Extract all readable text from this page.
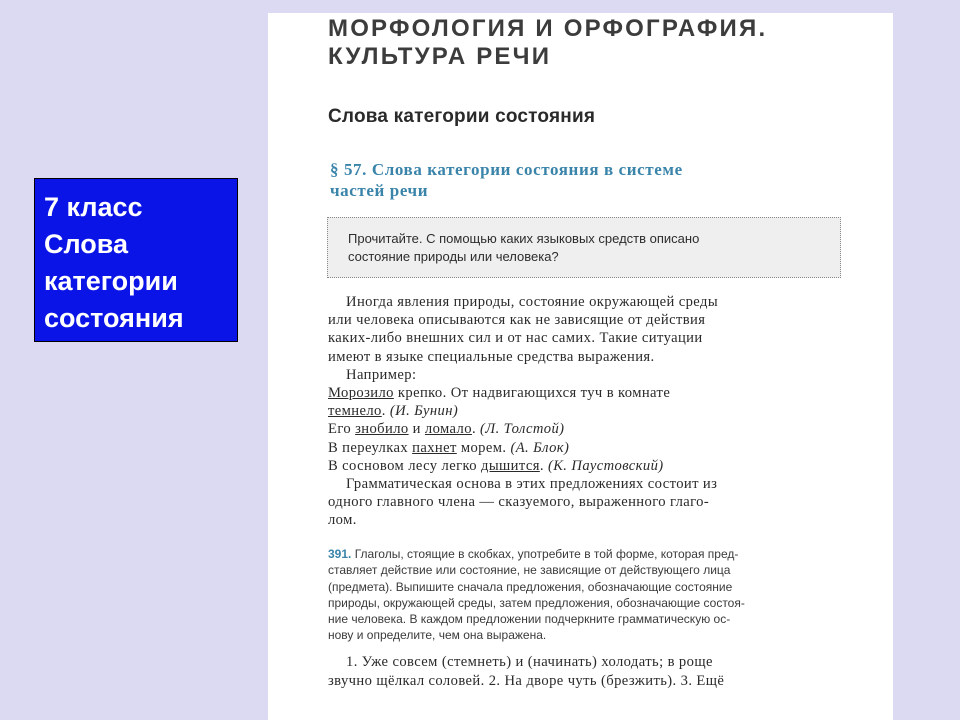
7 класс
Слова
категории
состояния
МОРФОЛОГИЯ И ОРФОГРАФИЯ.
КУЛЬТУРА РЕЧИ
Слова категории состояния
§ 57. Слова категории состояния в системе
частей речи
Прочитайте. С помощью каких языковых средств описано
состояние природы или человека?
Иногда явления природы, состояние окружающей среды
или человека описываются как не зависящие от действия
каких-либо внешних сил и от нас самих. Такие ситуации
имеют в языке специальные средства выражения.
Например:
Морозило крепко. От надвигающихся туч в комнате
темнело. (И. Бунин)
Его знобило и ломало. (Л. Толстой)
В переулках пахнет морем. (А. Блок)
В сосновом лесу легко дышится. (К. Паустовский)
Грамматическая основа в этих предложениях состоит из
одного главного члена — сказуемого, выраженного глаго-
лом.
391. Глаголы, стоящие в скобках, употребите в той форме, которая пред-
ставляет действие или состояние, не зависящие от действующего лица
(предмета). Выпишите сначала предложения, обозначающие состояние
природы, окружающей среды, затем предложения, обозначающие состоя-
ние человека. В каждом предложении подчеркните грамматическую ос-
нову и определите, чем она выражена.
1. Уже совсем (стемнеть) и (начинать) холодать; в роще
звучно щёлкал соловей. 2. На дворе чуть (брезжить). 3. Ещё
